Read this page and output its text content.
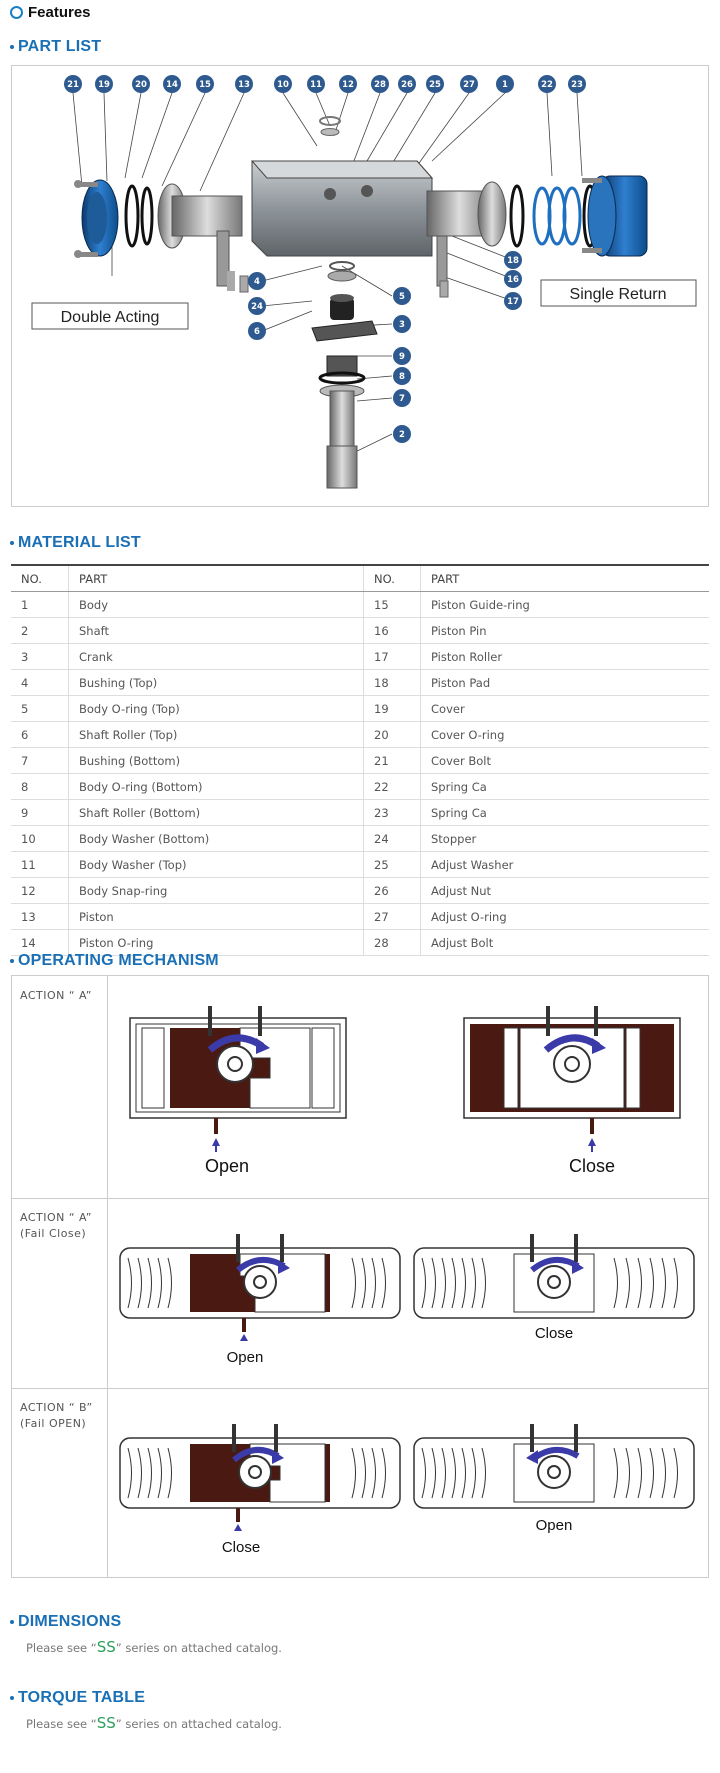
Features
PART LIST
21 19	20 14 15	13	10 11 12 28 26 25	27	1	22 23
4
5
24
6
3
9
8
7
2
18
16
17
Double Acting
Single Return
MATERIAL LIST
NO.	PART	NO.	PART
1	Body	15	Piston Guide-ring
2	Shaft	16	Piston Pin
3	Crank	17	Piston Roller
4	Bushing (Top)	18	Piston Pad
5	Body O-ring (Top)	19	Cover
6	Shaft Roller (Top)	20	Cover O-ring
7	Bushing (Bottom)	21	Cover Bolt
8	Body O-ring (Bottom)	22	Spring Ca
9	Shaft Roller (Bottom)	23	Spring Ca
10	Body Washer (Bottom)	24	Stopper
11	Body Washer (Top)	25	Adjust Washer
12	Body Snap-ring	26	Adjust Nut
13	Piston	27	Adjust O-ring
14	Piston O-ring	28	Adjust Bolt
OPERATING MECHANISM
ACTION “ A”
Open	Close
ACTION “ A”
(Fail Close)
Open
Close
ACTION “ B”
(Fail OPEN)
Close
Open
DIMENSIONS
Please see “SS” series on attached catalog.
TORQUE TABLE
Please see “SS” series on attached catalog.
